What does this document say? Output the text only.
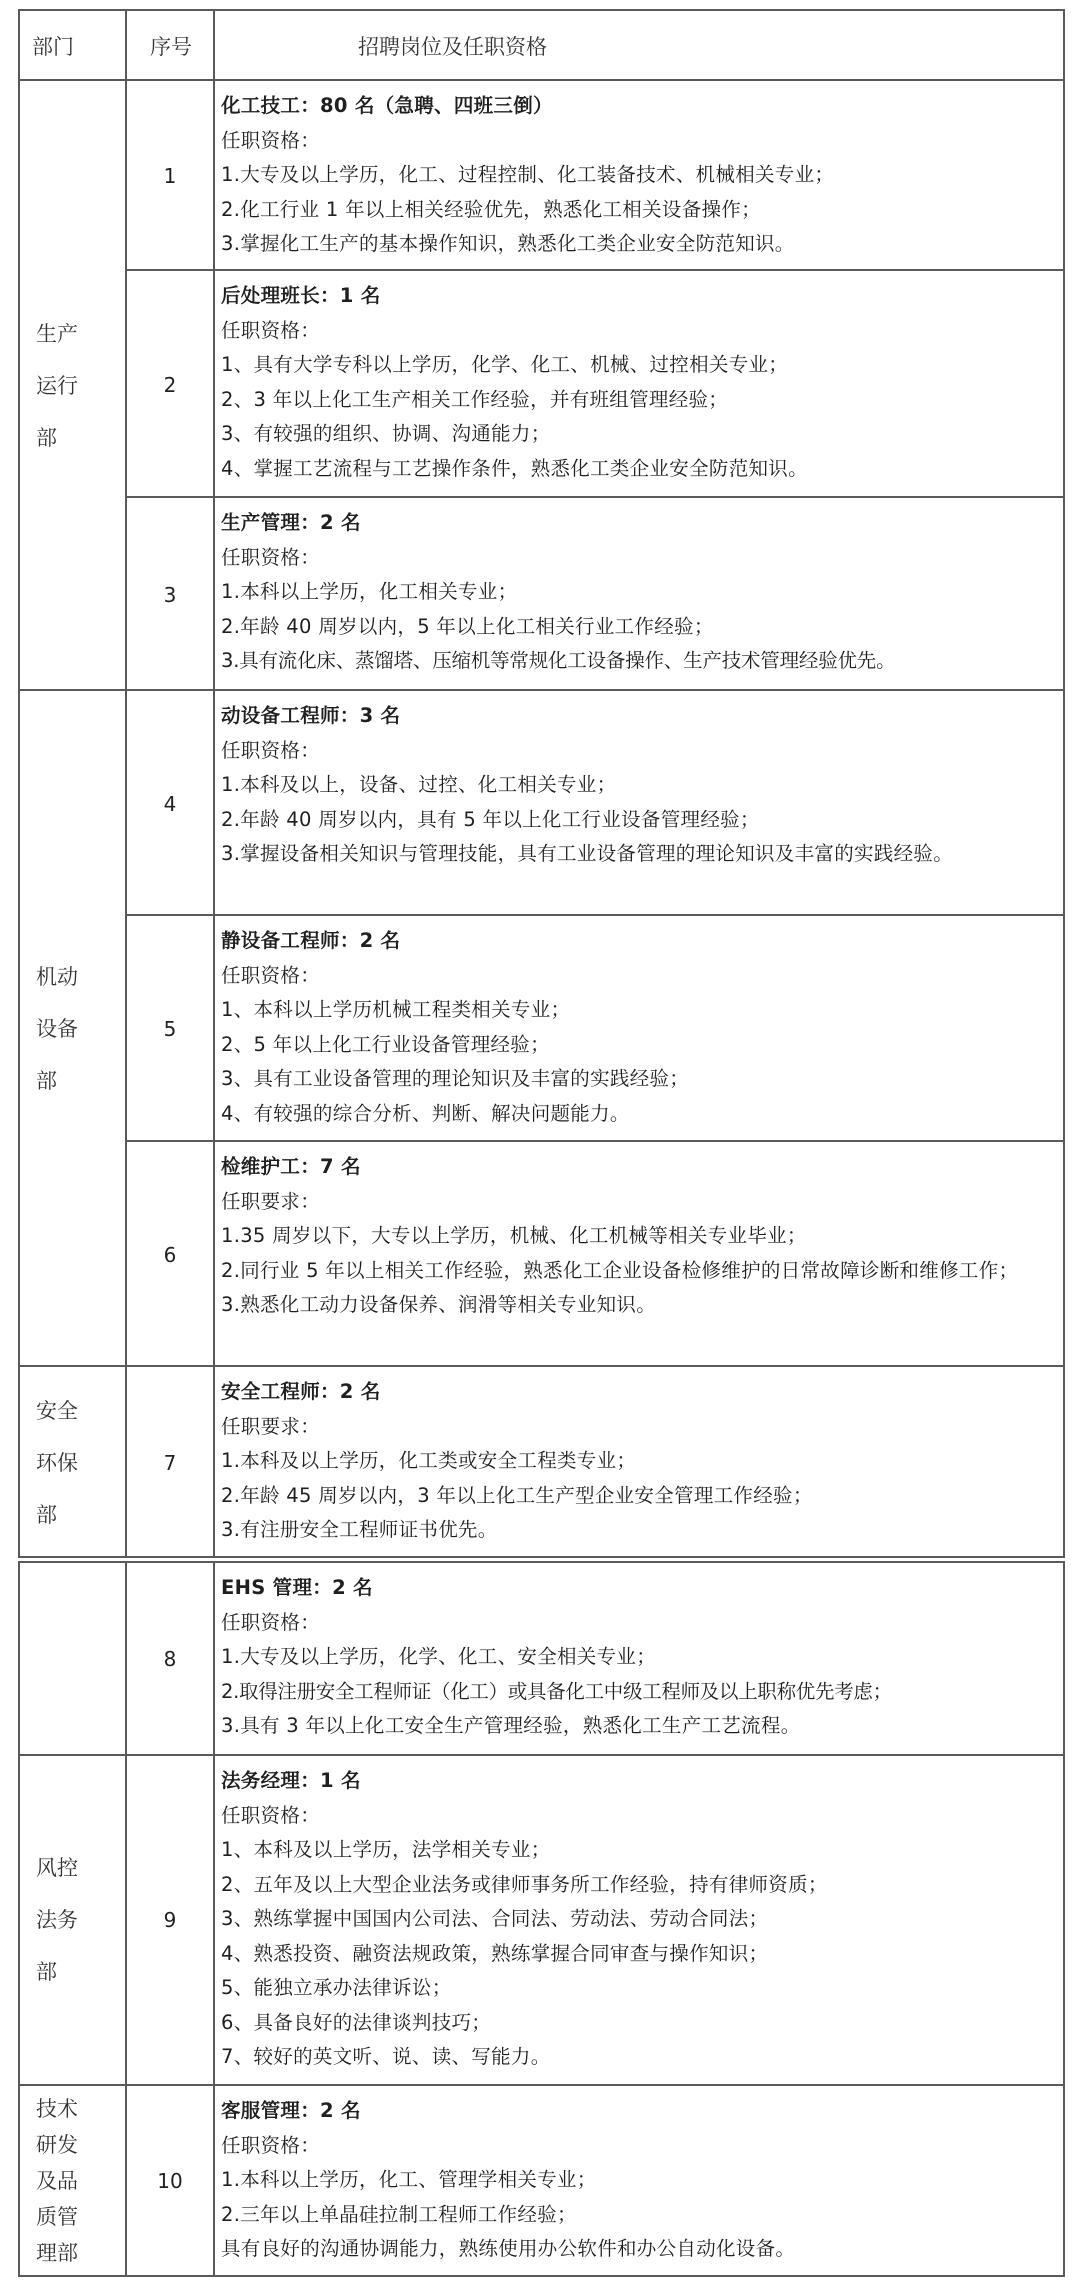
部门	序号	招聘岗位及任职资格
生产
运行
部
机动
设备
部
安全
环保
部
1
化工技工：80 名（急聘、四班三倒）
任职资格：
1.大专及以上学历，化工、过程控制、化工装备技术、机械相关专业；
2.化工行业 1 年以上相关经验优先，熟悉化工相关设备操作；
3.掌握化工生产的基本操作知识，熟悉化工类企业安全防范知识。
2
后处理班长：1 名
任职资格：
1、具有大学专科以上学历，化学、化工、机械、过控相关专业；
2、3 年以上化工生产相关工作经验，并有班组管理经验；
3、有较强的组织、协调、沟通能力；
4、掌握工艺流程与工艺操作条件，熟悉化工类企业安全防范知识。
3
生产管理：2 名
任职资格：
1.本科以上学历，化工相关专业；
2.年龄 40 周岁以内，5 年以上化工相关行业工作经验；
3.具有流化床、蒸馏塔、压缩机等常规化工设备操作、生产技术管理经验优先。
4
动设备工程师：3 名
任职资格：
1.本科及以上，设备、过控、化工相关专业；
2.年龄 40 周岁以内，具有 5 年以上化工行业设备管理经验；
3.掌握设备相关知识与管理技能，具有工业设备管理的理论知识及丰富的实践经验。
5
静设备工程师：2 名
任职资格：
1、本科以上学历机械工程类相关专业；
2、5 年以上化工行业设备管理经验；
3、具有工业设备管理的理论知识及丰富的实践经验；
4、有较强的综合分析、判断、解决问题能力。
6
检维护工：7 名
任职要求：
1.35 周岁以下，大专以上学历，机械、化工机械等相关专业毕业；
2.同行业 5 年以上相关工作经验，熟悉化工企业设备检修维护的日常故障诊断和维修工作；
3.熟悉化工动力设备保养、润滑等相关专业知识。
7
安全工程师：2 名
任职要求：
1.本科及以上学历，化工类或安全工程类专业；
2.年龄 45 周岁以内，3 年以上化工生产型企业安全管理工作经验；
3.有注册安全工程师证书优先。
8
EHS 管理：2 名
任职资格：
1.大专及以上学历，化学、化工、安全相关专业；
2.取得注册安全工程师证（化工）或具备化工中级工程师及以上职称优先考虑；
3.具有 3 年以上化工安全生产管理经验，熟悉化工生产工艺流程。
风控
法务
部
9
法务经理：1 名
任职资格：
1、本科及以上学历，法学相关专业；
2、五年及以上大型企业法务或律师事务所工作经验，持有律师资质；
3、熟练掌握中国国内公司法、合同法、劳动法、劳动合同法；
4、熟悉投资、融资法规政策，熟练掌握合同审查与操作知识；
5、能独立承办法律诉讼；
6、具备良好的法律谈判技巧；
7、较好的英文听、说、读、写能力。
技术
研发
及品
质管
理部
10
客服管理：2 名
任职资格：
1.本科以上学历，化工、管理学相关专业；
2.三年以上单晶硅拉制工程师工作经验；
具有良好的沟通协调能力，熟练使用办公软件和办公自动化设备。
